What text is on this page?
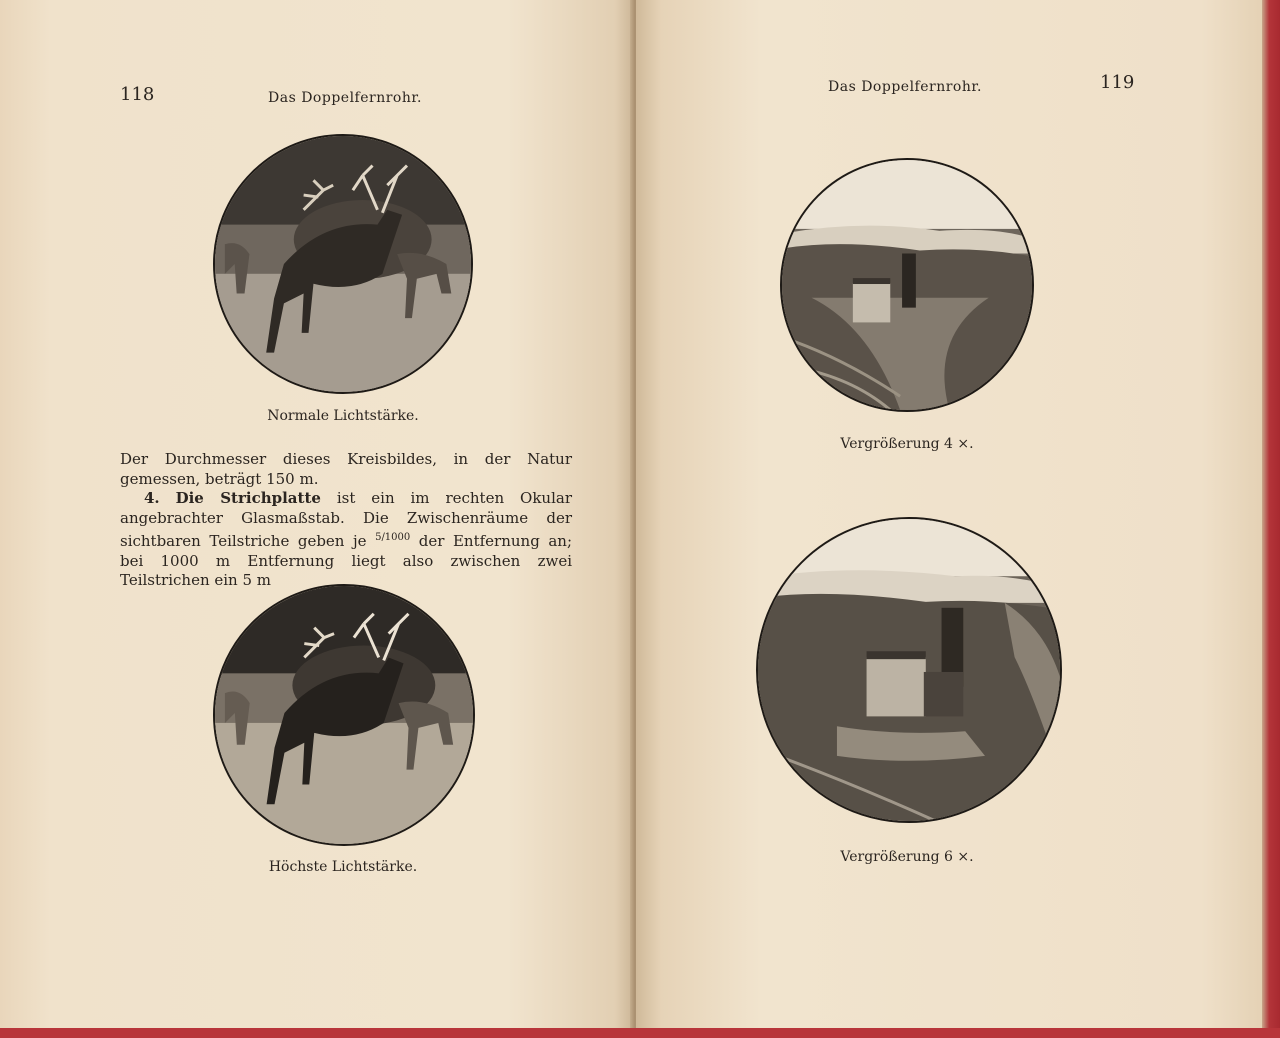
118	Das Doppelfernrohr.
Normale Lichtstärke.

Der Durchmesser dieses Kreisbildes, in der Natur gemessen, beträgt 150 m.

4. Die Strichplatte ist ein im rechten Okular angebrachter Glasmaßstab. Die Zwischenräume der sichtbaren Teilstriche geben je $^{5/1000}$ der Entfernung an; bei 1000 m Entfernung liegt also zwischen zwei Teilstrichen ein 5 m

Höchste Lichtstärke.
Das Doppelfernrohr.	119
Vergrößerung 4 ×.
Vergrößerung 6 ×.
